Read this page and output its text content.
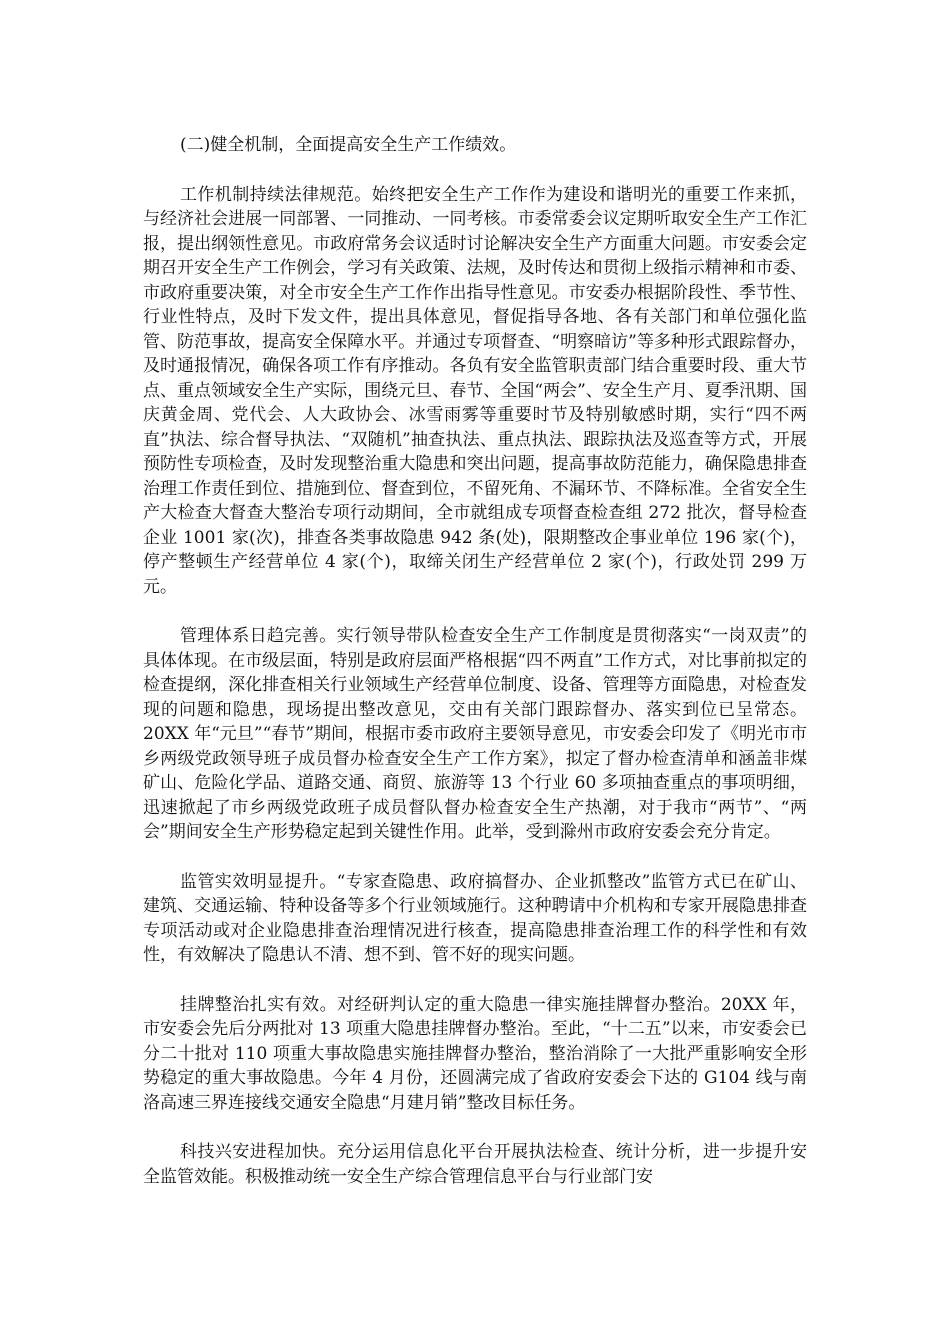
(二)健全机制，全面提高安全生产工作绩效。

工作机制持续法律规范。始终把安全生产工作作为建设和谐明光的重要工作来抓，与经济社会进展一同部署、一同推动、一同考核。市委常委会议定期听取安全生产工作汇报，提出纲领性意见。市政府常务会议适时讨论解决安全生产方面重大问题。市安委会定期召开安全生产工作例会，学习有关政策、法规，及时传达和贯彻上级指示精神和市委、市政府重要决策，对全市安全生产工作作出指导性意见。市安委办根据阶段性、季节性、行业性特点，及时下发文件，提出具体意见，督促指导各地、各有关部门和单位强化监管、防范事故，提高安全保障水平。并通过专项督查、“明察暗访”等多种形式跟踪督办，及时通报情况，确保各项工作有序推动。各负有安全监管职责部门结合重要时段、重大节点、重点领域安全生产实际，围绕元旦、春节、全国“两会”、安全生产月、夏季汛期、国庆黄金周、党代会、人大政协会、冰雪雨雾等重要时节及特别敏感时期，实行“四不两直”执法、综合督导执法、“双随机”抽查执法、重点执法、跟踪执法及巡查等方式，开展预防性专项检查，及时发现整治重大隐患和突出问题，提高事故防范能力，确保隐患排查治理工作责任到位、措施到位、督查到位，不留死角、不漏环节、不降标准。全省安全生产大检查大督查大整治专项行动期间，全市就组成专项督查检查组 272 批次，督导检查企业 1001 家(次)，排查各类事故隐患 942 条(处)，限期整改企事业单位 196 家(个)，停产整顿生产经营单位 4 家(个)，取缔关闭生产经营单位 2 家(个)，行政处罚 299 万元。

管理体系日趋完善。实行领导带队检查安全生产工作制度是贯彻落实“一岗双责”的具体体现。在市级层面，特别是政府层面严格根据“四不两直”工作方式，对比事前拟定的检查提纲，深化排查相关行业领域生产经营单位制度、设备、管理等方面隐患，对检查发现的问题和隐患，现场提出整改意见，交由有关部门跟踪督办、落实到位已呈常态。20XX 年“元旦”“春节”期间，根据市委市政府主要领导意见，市安委会印发了《明光市市乡两级党政领导班子成员督办检查安全生产工作方案》，拟定了督办检查清单和涵盖非煤矿山、危险化学品、道路交通、商贸、旅游等 13 个行业 60 多项抽查重点的事项明细，迅速掀起了市乡两级党政班子成员督队督办检查安全生产热潮，对于我市“两节”、“两会”期间安全生产形势稳定起到关键性作用。此举，受到滁州市政府安委会充分肯定。

监管实效明显提升。“专家查隐患、政府搞督办、企业抓整改”监管方式已在矿山、建筑、交通运输、特种设备等多个行业领域施行。这种聘请中介机构和专家开展隐患排查专项活动或对企业隐患排查治理情况进行核查，提高隐患排查治理工作的科学性和有效性，有效解决了隐患认不清、想不到、管不好的现实问题。

挂牌整治扎实有效。对经研判认定的重大隐患一律实施挂牌督办整治。20XX 年，市安委会先后分两批对 13 项重大隐患挂牌督办整治。至此，“十二五”以来，市安委会已分二十批对 110 项重大事故隐患实施挂牌督办整治，整治消除了一大批严重影响安全形势稳定的重大事故隐患。今年 4 月份，还圆满完成了省政府安委会下达的 G104 线与南洛高速三界连接线交通安全隐患“月建月销”整改目标任务。

科技兴安进程加快。充分运用信息化平台开展执法检查、统计分析，进一步提升安全监管效能。积极推动统一安全生产综合管理信息平台与行业部门安
